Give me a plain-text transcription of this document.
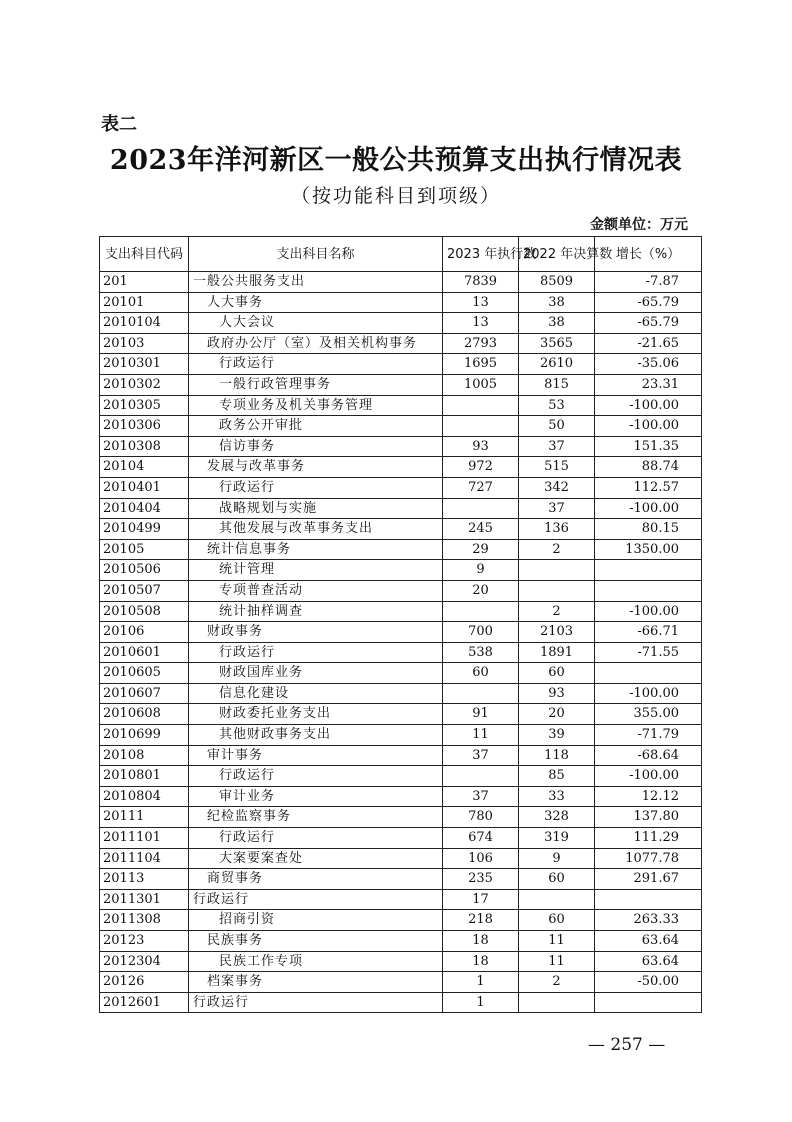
表二
2023年洋河新区一般公共预算支出执行情况表
（按功能科目到项级）
金额单位：万元
支出科目代码	支出科目名称	2023 年执行数	2022 年决算数	增长（%）
201	一般公共服务支出	7839	8509	-7.87
20101	人大事务	13	38	-65.79
2010104	人大会议	13	38	-65.79
20103	政府办公厅（室）及相关机构事务	2793	3565	-21.65
2010301	行政运行	1695	2610	-35.06
2010302	一般行政管理事务	1005	815	23.31
2010305	专项业务及机关事务管理		53	-100.00
2010306	政务公开审批		50	-100.00
2010308	信访事务	93	37	151.35
20104	发展与改革事务	972	515	88.74
2010401	行政运行	727	342	112.57
2010404	战略规划与实施		37	-100.00
2010499	其他发展与改革事务支出	245	136	80.15
20105	统计信息事务	29	2	1350.00
2010506	统计管理	9		
2010507	专项普查活动	20		
2010508	统计抽样调查		2	-100.00
20106	财政事务	700	2103	-66.71
2010601	行政运行	538	1891	-71.55
2010605	财政国库业务	60	60	
2010607	信息化建设		93	-100.00
2010608	财政委托业务支出	91	20	355.00
2010699	其他财政事务支出	11	39	-71.79
20108	审计事务	37	118	-68.64
2010801	行政运行		85	-100.00
2010804	审计业务	37	33	12.12
20111	纪检监察事务	780	328	137.80
2011101	行政运行	674	319	111.29
2011104	大案要案查处	106	9	1077.78
20113	商贸事务	235	60	291.67
2011301	行政运行	17		
2011308	招商引资	218	60	263.33
20123	民族事务	18	11	63.64
2012304	民族工作专项	18	11	63.64
20126	档案事务	1	2	-50.00
2012601	行政运行	1		
— 257 —
